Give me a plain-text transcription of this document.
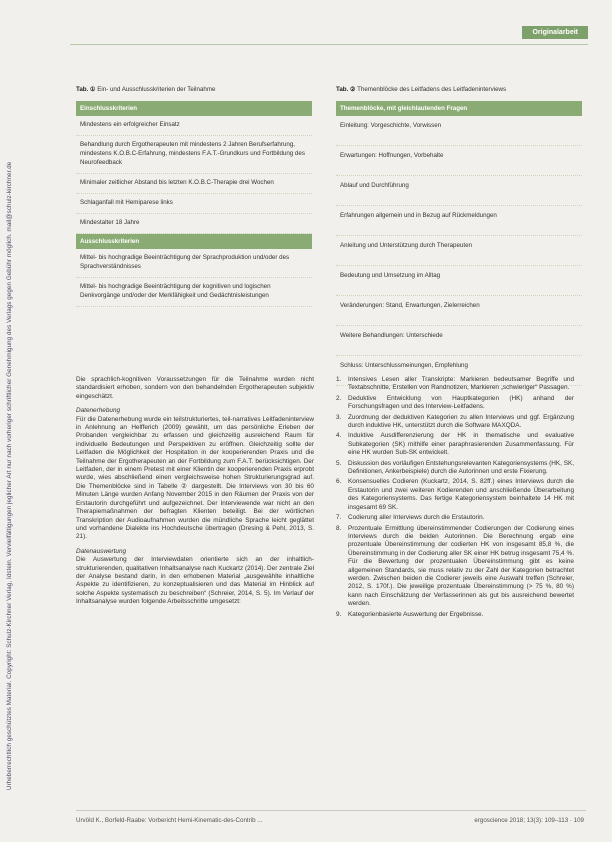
Urheberrechtlich geschütztes Material. Copyright: Schulz-Kirchner Verlag, Idstein. Vervielfältigungen jeglicher Art nur nach vorheriger schriftlicher Genehmigung des Verlags gegen Gebühr möglich. mail@schulz-kirchner.de
Originalarbeit
Tab. ① Ein- und Ausschlusskriterien der Teilnahme
Einschlusskriterien
Mindestens ein erfolgreicher Einsatz
Behandlung durch Ergotherapeuten mit mindestens 2 Jahren Berufserfahrung, mindestens K.O.B.C-Erfahrung, mindestens F.A.T.-Grundkurs und Fortbildung des Neurofeedback
Minimaler zeitlicher Abstand bis letzten K.O.B.C-Therapie drei Wochen
Schlaganfall mit Hemiparese links
Mindestalter 18 Jahre
Ausschlusskriterien
Mittel- bis hochgradige Beeinträchtigung der Sprachproduktion und/oder des Sprachverständnisses
Mittel- bis hochgradige Beeinträchtigung der kognitiven und logischen Denkvorgänge und/oder der Merkfähigkeit und Gedächtnisleistungen
Tab. ② Themenblöcke des Leitfadens des Leitfadeninterviews
Themenblöcke, mit gleichlautenden Fragen
Einleitung: Vorgeschichte, Vorwissen
Erwartungen: Hoffnungen, Vorbehalte
Ablauf und Durchführung
Erfahrungen allgemein und in Bezug auf Rückmeldungen
Anleitung und Unterstützung durch Therapeuten
Bedeutung und Umsetzung im Alltag
Veränderungen: Stand, Erwartungen, Zielerreichen
Weitere Behandlungen: Unterschiede
Schluss: Unterschlussmeinungen, Empfehlung

Die sprachlich-kognitiven Voraussetzungen für die Teilnahme wurden nicht standardisiert erhoben, sondern von den behandelnden Ergotherapeuten subjektiv eingeschätzt.

Datenerhebung

Für die Datenerhebung wurde ein teilstrukturiertes, teil-narratives Leitfadeninterview in Anlehnung an Helfferich (2009) gewählt, um das persönliche Erleben der Probanden vergleichbar zu erfassen und gleichzeitig ausreichend Raum für individuelle Bedeutungen und Perspektiven zu eröffnen. Gleichzeitig sollte der Leitfaden die Möglichkeit der Hospitation in der kooperierenden Praxis und die Teilnahme der Ergotherapeuten an der Fortbildung zum F.A.T. berücksichtigen. Der Leitfaden, der in einem Pretest mit einer Klientin der kooperierenden Praxis erprobt wurde, wies abschließend einen vergleichsweise hohen Strukturierungsgrad auf. Die Themenblöcke sind in Tabelle ② dargestellt. Die Interviews von 30 bis 60 Minuten Länge wurden Anfang November 2015 in den Räumen der Praxis von der Erstautorin durchgeführt und aufgezeichnet. Der Interviewende war nicht an den Therapiemaßnahmen der befragten Klienten beteiligt. Bei der wörtlichen Transkription der Audioaufnahmen wurden die mündliche Sprache leicht geglättet und vorhandene Dialekte ins Hochdeutsche übertragen (Dresing & Pehl, 2013, S. 21).

Datenauswertung

Die Auswertung der Interviewdaten orientierte sich an der inhaltlich-strukturierenden, qualitativen Inhaltsanalyse nach Kuckartz (2014). Der zentrale Ziel der Analyse bestand darin, in den erhobenen Material „ausgewählte inhaltliche Aspekte zu identifizieren, zu konzeptualisieren und das Material im Hinblick auf solche Aspekte systematisch zu beschreiben“ (Schreier, 2014, S. 5). Im Verlauf der Inhaltsanalyse wurden folgende Arbeitsschritte umgesetzt:

1.	Intensives Lesen aller Transkripte: Markieren bedeutsamer Begriffe und Textabschnitte, Erstellen von Randnotizen, Markieren „schwieriger“ Passagen.
2.	Deduktive Entwicklung von Hauptkategorien (HK) anhand der Forschungsfragen und des Interview-Leitfadens.
3.	Zuordnung der deduktiven Kategorien zu allen Interviews und ggf. Ergänzung durch induktive HK, unterstützt durch die Software MAXQDA.
4.	Induktive Ausdifferenzierung der HK in thematische und evaluative Subkategorien (SK) mithilfe einer paraphrasierenden Zusammenfassung. Für eine HK wurden Sub-SK entwickelt.
5.	Diskussion des vorläufigen Entstehungsrelevanten Kategoriensystems (HK, SK, Definitionen, Ankerbeispiele) durch die Autorinnen und erste Fixierung.
6.	Konsensuelles Codieren (Kuckartz, 2014, S. 82ff.) eines Interviews durch die Erstautorin und zwei weiteren Kodierenden und anschließende Überarbeitung des Kategoriensystems. Das fertige Kategoriensystem beinhaltete 14 HK mit insgesamt 69 SK.
7.	Codierung aller Interviews durch die Erstautorin.
8.	Prozentuale Ermittlung übereinstimmender Codierungen der Codierung eines Interviews durch die beiden Autorinnen. Die Berechnung ergab eine prozentuale Übereinstimmung der codierten HK von insgesamt 85,8 %, die Übereinstimmung in der Codierung aller SK einer HK betrug insgesamt 75,4 %. Für die Bewertung der prozentualen Übereinstimmung gibt es keine allgemeinen Standards, sie muss relativ zu der Zahl der Kategorien betrachtet werden. Zwischen beiden die Codierer jeweils eine Auswahl treffen (Schreier, 2012, S. 170f.). Die jeweilige prozentuale Übereinstimmung (> 75 %, 80 %) kann nach Einschätzung der Verfasserinnen als gut bis ausreichend bewertet werden.
9.	Kategorienbasierte Auswertung der Ergebnisse.
Urvöld K., Borfeld-Raabe: Vorbericht Hemi-Kinematic-des-Contrib ...	ergoscience 2018; 13(3): 109–113 · 109
